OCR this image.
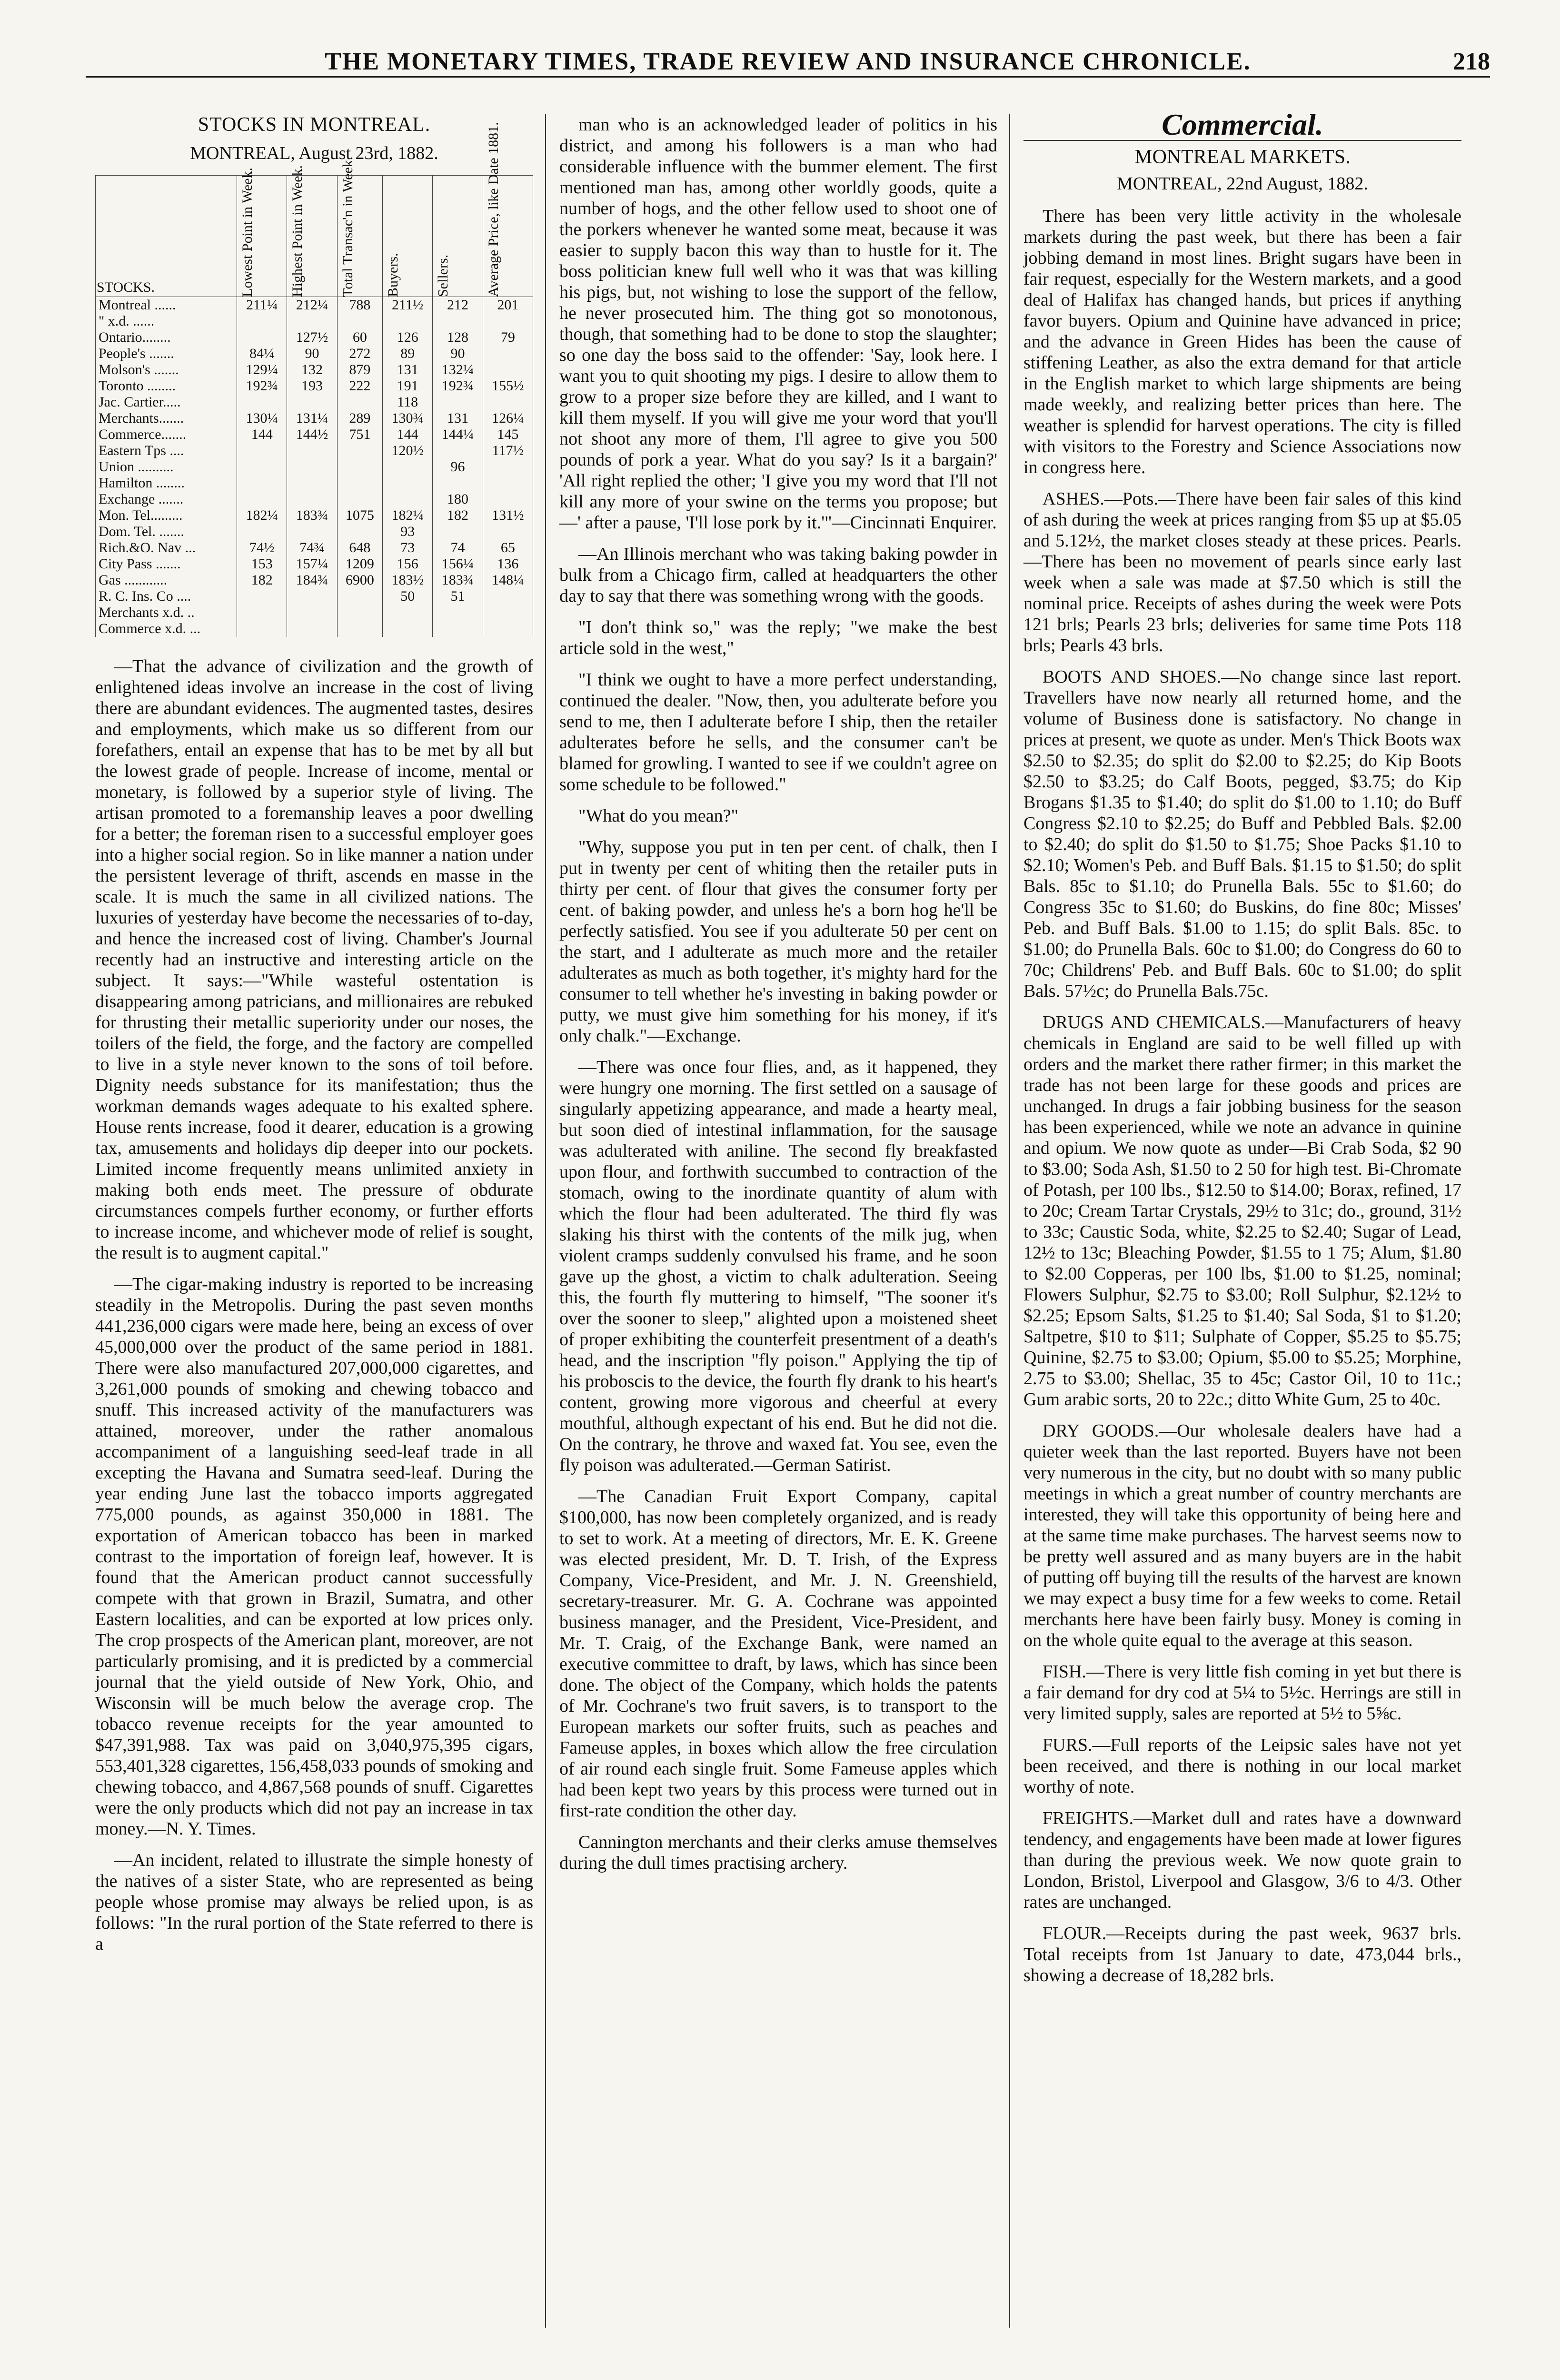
THE MONETARY TIMES, TRADE REVIEW AND INSURANCE CHRONICLE.	218
STOCKS IN MONTREAL.
MONTREAL, August 23rd, 1882.
STOCKS.	Lowest Point in Week.	Highest Point in Week.	Total Transac'n in Week.	Buyers.	Sellers.	Average Price, like Date 1881.
Montreal ......	211¼	212¼	788	211½	212	201
" x.d. ......						
Ontario........		127½	60	126	128	79
People's .......	84¼	90	272	89	90	
Molson's .......	129¼	132	879	131	132¼	
Toronto ........	192¾	193	222	191	192¾	155½
Jac. Cartier.....				118		
Merchants.......	130¼	131¼	289	130¾	131	126¼
Commerce.......	144	144½	751	144	144¼	145
Eastern Tps ....				120½		117½
Union ..........					96	
Hamilton ........						
Exchange .......					180	
Mon. Tel.........	182¼	183¾	1075	182¼	182	131½
Dom. Tel. .......				93		
Rich.&O. Nav ...	74½	74¾	648	73	74	65
City Pass .......	153	157¼	1209	156	156¼	136
Gas ............	182	184¾	6900	183½	183¾	148¼
R. C. Ins. Co ....				50	51	
Merchants x.d. ..						
Commerce x.d. ...						

—That the advance of civilization and the growth of enlightened ideas involve an increase in the cost of living there are abundant evidences. The augmented tastes, desires and employments, which make us so different from our forefathers, entail an expense that has to be met by all but the lowest grade of people. Increase of income, mental or monetary, is followed by a superior style of living. The artisan promoted to a foremanship leaves a poor dwelling for a better; the foreman risen to a successful employer goes into a higher social region. So in like manner a nation under the persistent leverage of thrift, ascends en masse in the scale. It is much the same in all civilized nations. The luxuries of yesterday have become the necessaries of to-day, and hence the increased cost of living. Chamber's Journal recently had an instructive and interesting article on the subject. It says:—"While wasteful ostentation is disappearing among patricians, and millionaires are rebuked for thrusting their metallic superiority under our noses, the toilers of the field, the forge, and the factory are compelled to live in a style never known to the sons of toil before. Dignity needs substance for its manifestation; thus the workman demands wages adequate to his exalted sphere. House rents increase, food it dearer, education is a growing tax, amusements and holidays dip deeper into our pockets. Limited income frequently means unlimited anxiety in making both ends meet. The pressure of obdurate circumstances compels further economy, or further efforts to increase income, and whichever mode of relief is sought, the result is to augment capital."

—The cigar-making industry is reported to be increasing steadily in the Metropolis. During the past seven months 441,236,000 cigars were made here, being an excess of over 45,000,000 over the product of the same period in 1881. There were also manufactured 207,000,000 cigarettes, and 3,261,000 pounds of smoking and chewing tobacco and snuff. This increased activity of the manufacturers was attained, moreover, under the rather anomalous accompaniment of a languishing seed-leaf trade in all excepting the Havana and Sumatra seed-leaf. During the year ending June last the tobacco imports aggregated 775,000 pounds, as against 350,000 in 1881. The exportation of American tobacco has been in marked contrast to the importation of foreign leaf, however. It is found that the American product cannot successfully compete with that grown in Brazil, Sumatra, and other Eastern localities, and can be exported at low prices only. The crop prospects of the American plant, moreover, are not particularly promising, and it is predicted by a commercial journal that the yield outside of New York, Ohio, and Wisconsin will be much below the average crop. The tobacco revenue receipts for the year amounted to $47,391,988. Tax was paid on 3,040,975,395 cigars, 553,401,328 cigarettes, 156,458,033 pounds of smoking and chewing tobacco, and 4,867,568 pounds of snuff. Cigarettes were the only products which did not pay an increase in tax money.—N. Y. Times.

—An incident, related to illustrate the simple honesty of the natives of a sister State, who are represented as being people whose promise may always be relied upon, is as follows: "In the rural portion of the State referred to there is a

man who is an acknowledged leader of politics in his district, and among his followers is a man who had considerable influence with the bummer element. The first mentioned man has, among other worldly goods, quite a number of hogs, and the other fellow used to shoot one of the porkers whenever he wanted some meat, because it was easier to supply bacon this way than to hustle for it. The boss politician knew full well who it was that was killing his pigs, but, not wishing to lose the support of the fellow, he never prosecuted him. The thing got so monotonous, though, that something had to be done to stop the slaughter; so one day the boss said to the offender: 'Say, look here. I want you to quit shooting my pigs. I desire to allow them to grow to a proper size before they are killed, and I want to kill them myself. If you will give me your word that you'll not shoot any more of them, I'll agree to give you 500 pounds of pork a year. What do you say? Is it a bargain?' 'All right replied the other; 'I give you my word that I'll not kill any more of your swine on the terms you propose; but—' after a pause, 'I'll lose pork by it.'"—Cincinnati Enquirer.

—An Illinois merchant who was taking baking powder in bulk from a Chicago firm, called at headquarters the other day to say that there was something wrong with the goods.

"I don't think so," was the reply; "we make the best article sold in the west,"

"I think we ought to have a more perfect understanding, continued the dealer. "Now, then, you adulterate before you send to me, then I adulterate before I ship, then the retailer adulterates before he sells, and the consumer can't be blamed for growling. I wanted to see if we couldn't agree on some schedule to be followed."

"What do you mean?"

"Why, suppose you put in ten per cent. of chalk, then I put in twenty per cent of whiting then the retailer puts in thirty per cent. of flour that gives the consumer forty per cent. of baking powder, and unless he's a born hog he'll be perfectly satisfied. You see if you adulterate 50 per cent on the start, and I adulterate as much more and the retailer adulterates as much as both together, it's mighty hard for the consumer to tell whether he's investing in baking powder or putty, we must give him something for his money, if it's only chalk."—Exchange.

—There was once four flies, and, as it happened, they were hungry one morning. The first settled on a sausage of singularly appetizing appearance, and made a hearty meal, but soon died of intestinal inflammation, for the sausage was adulterated with aniline. The second fly breakfasted upon flour, and forthwith succumbed to contraction of the stomach, owing to the inordinate quantity of alum with which the flour had been adulterated. The third fly was slaking his thirst with the contents of the milk jug, when violent cramps suddenly convulsed his frame, and he soon gave up the ghost, a victim to chalk adulteration. Seeing this, the fourth fly muttering to himself, "The sooner it's over the sooner to sleep," alighted upon a moistened sheet of proper exhibiting the counterfeit presentment of a death's head, and the inscription "fly poison." Applying the tip of his proboscis to the device, the fourth fly drank to his heart's content, growing more vigorous and cheerful at every mouthful, although expectant of his end. But he did not die. On the contrary, he throve and waxed fat. You see, even the fly poison was adulterated.—German Satirist.

—The Canadian Fruit Export Company, capital $100,000, has now been completely organized, and is ready to set to work. At a meeting of directors, Mr. E. K. Greene was elected president, Mr. D. T. Irish, of the Express Company, Vice-President, and Mr. J. N. Greenshield, secretary-treasurer. Mr. G. A. Cochrane was appointed business manager, and the President, Vice-President, and Mr. T. Craig, of the Exchange Bank, were named an executive committee to draft, by laws, which has since been done. The object of the Company, which holds the patents of Mr. Cochrane's two fruit savers, is to transport to the European markets our softer fruits, such as peaches and Fameuse apples, in boxes which allow the free circulation of air round each single fruit. Some Fameuse apples which had been kept two years by this process were turned out in first-rate condition the other day.

Cannington merchants and their clerks amuse themselves during the dull times practising archery.

Commercial.
MONTREAL MARKETS.
MONTREAL, 22nd August, 1882.

There has been very little activity in the wholesale markets during the past week, but there has been a fair jobbing demand in most lines. Bright sugars have been in fair request, especially for the Western markets, and a good deal of Halifax has changed hands, but prices if anything favor buyers. Opium and Quinine have advanced in price; and the advance in Green Hides has been the cause of stiffening Leather, as also the extra demand for that article in the English market to which large shipments are being made weekly, and realizing better prices than here. The weather is splendid for harvest operations. The city is filled with visitors to the Forestry and Science Associations now in congress here.

ASHES.—Pots.—There have been fair sales of this kind of ash during the week at prices ranging from $5 up at $5.05 and 5.12½, the market closes steady at these prices. Pearls.—There has been no movement of pearls since early last week when a sale was made at $7.50 which is still the nominal price. Receipts of ashes during the week were Pots 121 brls; Pearls 23 brls; deliveries for same time Pots 118 brls; Pearls 43 brls.

BOOTS AND SHOES.—No change since last report. Travellers have now nearly all returned home, and the volume of Business done is satisfactory. No change in prices at present, we quote as under. Men's Thick Boots wax $2.50 to $2.35; do split do $2.00 to $2.25; do Kip Boots $2.50 to $3.25; do Calf Boots, pegged, $3.75; do Kip Brogans $1.35 to $1.40; do split do $1.00 to 1.10; do Buff Congress $2.10 to $2.25; do Buff and Pebbled Bals. $2.00 to $2.40; do split do $1.50 to $1.75; Shoe Packs $1.10 to $2.10; Women's Peb. and Buff Bals. $1.15 to $1.50; do split Bals. 85c to $1.10; do Prunella Bals. 55c to $1.60; do Congress 35c to $1.60; do Buskins, do fine 80c; Misses' Peb. and Buff Bals. $1.00 to 1.15; do split Bals. 85c. to $1.00; do Prunella Bals. 60c to $1.00; do Congress do 60 to 70c; Childrens' Peb. and Buff Bals. 60c to $1.00; do split Bals. 57½c; do Prunella Bals.75c.

DRUGS AND CHEMICALS.—Manufacturers of heavy chemicals in England are said to be well filled up with orders and the market there rather firmer; in this market the trade has not been large for these goods and prices are unchanged. In drugs a fair jobbing business for the season has been experienced, while we note an advance in quinine and opium. We now quote as under—Bi Crab Soda, $2 90 to $3.00; Soda Ash, $1.50 to 2 50 for high test. Bi-Chromate of Potash, per 100 lbs., $12.50 to $14.00; Borax, refined, 17 to 20c; Cream Tartar Crystals, 29½ to 31c; do., ground, 31½ to 33c; Caustic Soda, white, $2.25 to $2.40; Sugar of Lead, 12½ to 13c; Bleaching Powder, $1.55 to 1 75; Alum, $1.80 to $2.00 Copperas, per 100 lbs, $1.00 to $1.25, nominal; Flowers Sulphur, $2.75 to $3.00; Roll Sulphur, $2.12½ to $2.25; Epsom Salts, $1.25 to $1.40; Sal Soda, $1 to $1.20; Saltpetre, $10 to $11; Sulphate of Copper, $5.25 to $5.75; Quinine, $2.75 to $3.00; Opium, $5.00 to $5.25; Morphine, 2.75 to $3.00; Shellac, 35 to 45c; Castor Oil, 10 to 11c.; Gum arabic sorts, 20 to 22c.; ditto White Gum, 25 to 40c.

DRY GOODS.—Our wholesale dealers have had a quieter week than the last reported. Buyers have not been very numerous in the city, but no doubt with so many public meetings in which a great number of country merchants are interested, they will take this opportunity of being here and at the same time make purchases. The harvest seems now to be pretty well assured and as many buyers are in the habit of putting off buying till the results of the harvest are known we may expect a busy time for a few weeks to come. Retail merchants here have been fairly busy. Money is coming in on the whole quite equal to the average at this season.

FISH.—There is very little fish coming in yet but there is a fair demand for dry cod at 5¼ to 5½c. Herrings are still in very limited supply, sales are reported at 5½ to 5⅝c.

FURS.—Full reports of the Leipsic sales have not yet been received, and there is nothing in our local market worthy of note.

FREIGHTS.—Market dull and rates have a downward tendency, and engagements have been made at lower figures than during the previous week. We now quote grain to London, Bristol, Liverpool and Glasgow, 3/6 to 4/3. Other rates are unchanged.

FLOUR.—Receipts during the past week, 9637 brls. Total receipts from 1st January to date, 473,044 brls., showing a decrease of 18,282 brls.
